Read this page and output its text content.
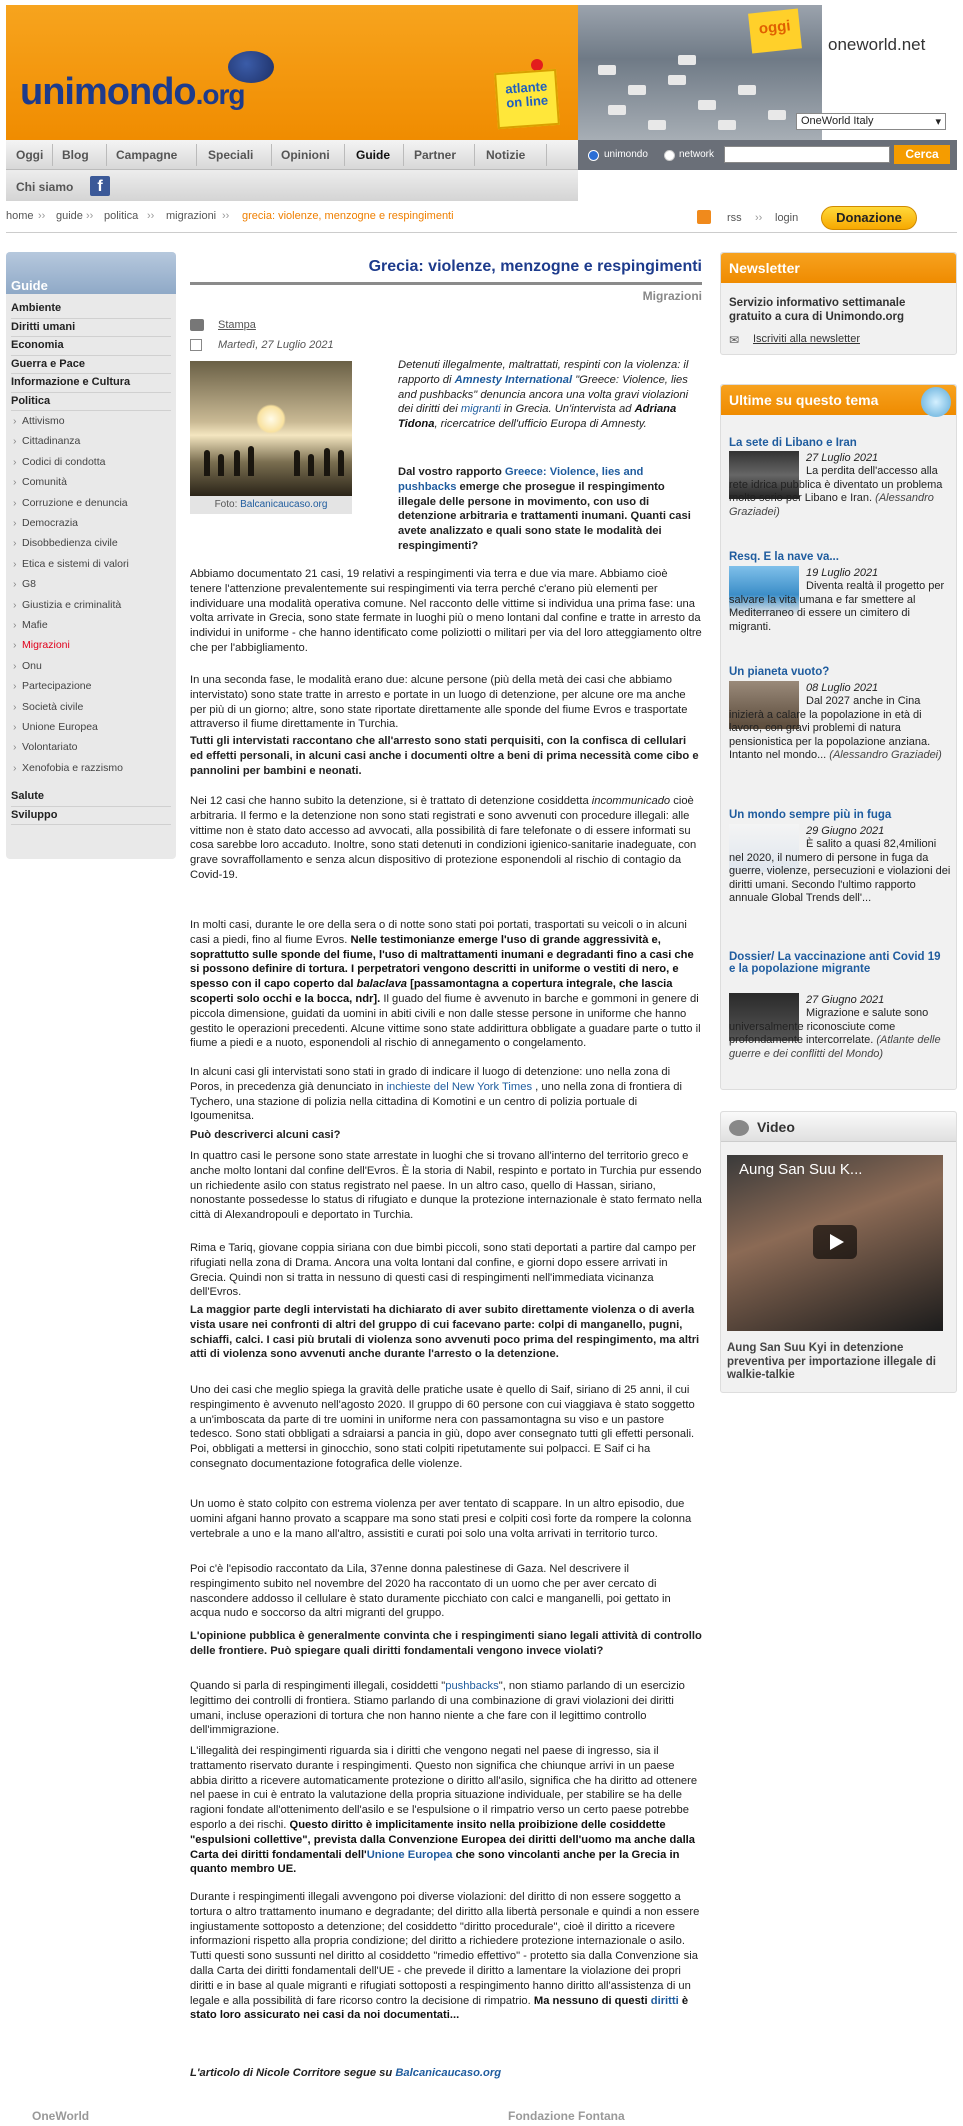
unimondo.org	atlante on line
oggi
oneworld.net
OneWorld Italy	▾
Oggi Blog Campagne	Speciali Opinioni Guide Partner Notizie
Chi siamo	f
unimondo	network	Cerca
home ›› guide ›› politica ›› migrazioni ›› grecia: violenze, menzogne e respingimenti	rss ›› login	Donazione
Guide
Ambiente
Diritti umani
Economia
Guerra e Pace
Informazione e Cultura
Politica
› Attivismo
› Cittadinanza
› Codici di condotta
› Comunità
› Corruzione e denuncia
› Democrazia
› Disobbedienza civile
› Etica e sistemi di valori
› G8
› Giustizia e criminalità
› Mafie
› Migrazioni
› Onu
› Partecipazione
› Società civile
› Unione Europea
› Volontariato
› Xenofobia e razzismo
Salute
Sviluppo
Grecia: violenze, menzogne e respingimenti
Migrazioni
Stampa
Martedì, 27 Luglio 2021
Foto: Balcanicaucaso.org
Detenuti illegalmente, maltrattati, respinti con la violenza: il rapporto di Amnesty International "Greece: Violence, lies and pushbacks" denuncia ancora una volta gravi violazioni dei diritti dei migranti in Grecia. Un'intervista ad Adriana Tidona, ricercatrice dell'ufficio Europa di Amnesty.
Dal vostro rapporto Greece: Violence, lies and pushbacks emerge che prosegue il respingimento illegale delle persone in movimento, con uso di detenzione arbitraria e trattamenti inumani. Quanti casi avete analizzato e quali sono state le modalità dei respingimenti?
Abbiamo documentato 21 casi, 19 relativi a respingimenti via terra e due via mare. Abbiamo cioè tenere l'attenzione prevalentemente sui respingimenti via terra perché c'erano più elementi per individuare una modalità operativa comune. Nel racconto delle vittime si individua una prima fase: una volta arrivate in Grecia, sono state fermate in luoghi più o meno lontani dal confine e tratte in arresto da individui in uniforme - che hanno identificato come poliziotti o militari per via del loro atteggiamento oltre che per l'abbigliamento.
In una seconda fase, le modalità erano due: alcune persone (più della metà dei casi che abbiamo intervistato) sono state tratte in arresto e portate in un luogo di detenzione, per alcune ore ma anche per più di un giorno; altre, sono state riportate direttamente alle sponde del fiume Evros e trasportate attraverso il fiume direttamente in Turchia.
Tutti gli intervistati raccontano che all'arresto sono stati perquisiti, con la confisca di cellulari ed effetti personali, in alcuni casi anche i documenti oltre a beni di prima necessità come cibo e pannolini per bambini e neonati.
Nei 12 casi che hanno subito la detenzione, si è trattato di detenzione cosiddetta incommunicado cioè arbitraria. Il fermo e la detenzione non sono stati registrati e sono avvenuti con procedure illegali: alle vittime non è stato dato accesso ad avvocati, alla possibilità di fare telefonate o di essere informati su cosa sarebbe loro accaduto. Inoltre, sono stati detenuti in condizioni igienico-sanitarie inadeguate, con grave sovraffollamento e senza alcun dispositivo di protezione esponendoli al rischio di contagio da Covid-19.
In molti casi, durante le ore della sera o di notte sono stati poi portati, trasportati su veicoli o in alcuni casi a piedi, fino al fiume Evros. Nelle testimonianze emerge l'uso di grande aggressività e, soprattutto sulle sponde del fiume, l'uso di maltrattamenti inumani e degradanti fino a casi che si possono definire di tortura. I perpetratori vengono descritti in uniforme o vestiti di nero, e spesso con il capo coperto dal balaclava [passamontagna a copertura integrale, che lascia scoperti solo occhi e la bocca, ndr]. Il guado del fiume è avvenuto in barche e gommoni in genere di piccola dimensione, guidati da uomini in abiti civili e non dalle stesse persone in uniforme che hanno gestito le operazioni precedenti. Alcune vittime sono state addirittura obbligate a guadare parte o tutto il fiume a piedi e a nuoto, esponendoli al rischio di annegamento o congelamento.
In alcuni casi gli intervistati sono stati in grado di indicare il luogo di detenzione: uno nella zona di Poros, in precedenza già denunciato in inchieste del New York Times , uno nella zona di frontiera di Tychero, una stazione di polizia nella cittadina di Komotini e un centro di polizia portuale di Igoumenitsa.
Può descriverci alcuni casi?
In quattro casi le persone sono state arrestate in luoghi che si trovano all'interno del territorio greco e anche molto lontani dal confine dell'Evros. È la storia di Nabil, respinto e portato in Turchia pur essendo un richiedente asilo con status registrato nel paese. In un altro caso, quello di Hassan, siriano, nonostante possedesse lo status di rifugiato e dunque la protezione internazionale è stato fermato nella città di Alexandropouli e deportato in Turchia.
Rima e Tariq, giovane coppia siriana con due bimbi piccoli, sono stati deportati a partire dal campo per rifugiati nella zona di Drama. Ancora una volta lontani dal confine, e giorni dopo essere arrivati in Grecia. Quindi non si tratta in nessuno di questi casi di respingimenti nell'immediata vicinanza dell'Evros.
La maggior parte degli intervistati ha dichiarato di aver subito direttamente violenza o di averla vista usare nei confronti di altri del gruppo di cui facevano parte: colpi di manganello, pugni, schiaffi, calci. I casi più brutali di violenza sono avvenuti poco prima del respingimento, ma altri atti di violenza sono avvenuti anche durante l'arresto o la detenzione.
Uno dei casi che meglio spiega la gravità delle pratiche usate è quello di Saif, siriano di 25 anni, il cui respingimento è avvenuto nell'agosto 2020. Il gruppo di 60 persone con cui viaggiava è stato soggetto a un'imboscata da parte di tre uomini in uniforme nera con passamontagna su viso e un pastore tedesco. Sono stati obbligati a sdraiarsi a pancia in giù, dopo aver consegnato tutti gli effetti personali. Poi, obbligati a mettersi in ginocchio, sono stati colpiti ripetutamente sui polpacci. E Saif ci ha consegnato documentazione fotografica delle violenze.
Un uomo è stato colpito con estrema violenza per aver tentato di scappare. In un altro episodio, due uomini afgani hanno provato a scappare ma sono stati presi e colpiti così forte da rompere la colonna vertebrale a uno e la mano all'altro, assistiti e curati poi solo una volta arrivati in territorio turco.
Poi c'è l'episodio raccontato da Lila, 37enne donna palestinese di Gaza. Nel descrivere il respingimento subito nel novembre del 2020 ha raccontato di un uomo che per aver cercato di nascondere addosso il cellulare è stato duramente picchiato con calci e manganelli, poi gettato in acqua nudo e soccorso da altri migranti del gruppo.
L'opinione pubblica è generalmente convinta che i respingimenti siano legali attività di controllo delle frontiere. Può spiegare quali diritti fondamentali vengono invece violati?
Quando si parla di respingimenti illegali, cosiddetti "pushbacks", non stiamo parlando di un esercizio legittimo dei controlli di frontiera. Stiamo parlando di una combinazione di gravi violazioni dei diritti umani, incluse operazioni di tortura che non hanno niente a che fare con il legittimo controllo dell'immigrazione.
L'illegalità dei respingimenti riguarda sia i diritti che vengono negati nel paese di ingresso, sia il trattamento riservato durante i respingimenti. Questo non significa che chiunque arrivi in un paese abbia diritto a ricevere automaticamente protezione o diritto all'asilo, significa che ha diritto ad ottenere nel paese in cui è entrato la valutazione della propria situazione individuale, per stabilire se ha delle ragioni fondate all'ottenimento dell'asilo e se l'espulsione o il rimpatrio verso un certo paese potrebbe esporlo a dei rischi. Questo diritto è implicitamente insito nella proibizione delle cosiddette "espulsioni collettive", prevista dalla Convenzione Europea dei diritti dell'uomo ma anche dalla Carta dei diritti fondamentali dell'Unione Europea che sono vincolanti anche per la Grecia in quanto membro UE.
Durante i respingimenti illegali avvengono poi diverse violazioni: del diritto di non essere soggetto a tortura o altro trattamento inumano e degradante; del diritto alla libertà personale e quindi a non essere ingiustamente sottoposto a detenzione; del cosiddetto "diritto procedurale", cioè il diritto a ricevere informazioni rispetto alla propria condizione; del diritto a richiedere protezione internazionale o asilo. Tutti questi sono sussunti nel diritto al cosiddetto "rimedio effettivo" - protetto sia dalla Convenzione sia dalla Carta dei diritti fondamentali dell'UE - che prevede il diritto a lamentare la violazione dei propri diritti e in base al quale migranti e rifugiati sottoposti a respingimento hanno diritto all'assistenza di un legale e alla possibilità di fare ricorso contro la decisione di rimpatrio. Ma nessuno di questi diritti è stato loro assicurato nei casi da noi documentati...
L'articolo di Nicole Corritore segue su Balcanicaucaso.org
Newsletter
Servizio informativo settimanale gratuito a cura di Unimondo.org
✉ Iscriviti alla newsletter
Ultime su questo tema
La sete di Libano e Iran
27 Luglio 2021
La perdita dell'accesso alla rete idrica pubblica è diventato un problema molto serio per Libano e Iran. (Alessandro Graziadei)
Resq. E la nave va...
19 Luglio 2021
Diventa realtà il progetto per salvare la vita umana e far smettere al Mediterraneo di essere un cimitero di migranti.
Un pianeta vuoto?
08 Luglio 2021
Dal 2027 anche in Cina inizierà a calare la popolazione in età di lavoro, con gravi problemi di natura pensionistica per la popolazione anziana. Intanto nel mondo... (Alessandro Graziadei)
Un mondo sempre più in fuga
29 Giugno 2021
È salito a quasi 82,4milioni nel 2020, il numero di persone in fuga da guerre, violenze, persecuzioni e violazioni dei diritti umani. Secondo l'ultimo rapporto annuale Global Trends dell'...
Dossier/ La vaccinazione anti Covid 19 e la popolazione migrante
27 Giugno 2021
Migrazione e salute sono universalmente riconosciute come profondamente intercorrelate. (Atlante delle guerre e dei conflitti del Mondo)
Video
Aung San Suu K...
Aung San Suu Kyi in detenzione preventiva per importazione illegale di walkie-talkie
OneWorld	Fondazione Fontana
